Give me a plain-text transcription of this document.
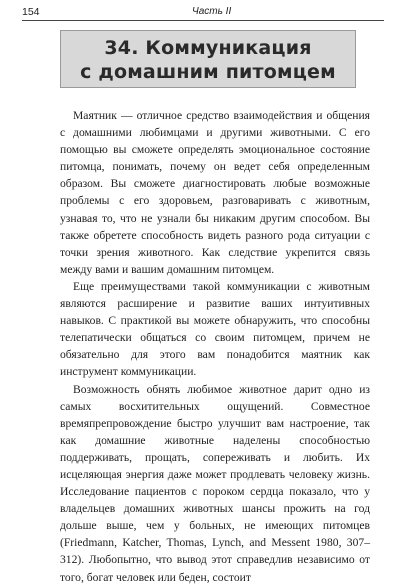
154	Часть II
34. Коммуникация
с домашним питомцем

Маятник — отличное средство взаимодействия и общения с домашними любимцами и другими животными. С его помощью вы сможете определять эмоциональное состояние питомца, понимать, почему он ведет себя определенным образом. Вы сможете диагностировать любые возможные проблемы с его здоровьем, разговаривать с животным, узнавая то, что не узнали бы никаким другим способом. Вы также обретете способность видеть разного рода ситуации с точки зрения животного. Как следствие укрепится связь между вами и вашим домашним питомцем.

Еще преимуществами такой коммуникации с животным являются расширение и развитие ваших интуитивных навыков. С практикой вы можете обнаружить, что способны телепатически общаться со своим питомцем, причем не обязательно для этого вам понадобится маятник как инструмент коммуникации.

Возможность обнять любимое животное дарит одно из самых восхитительных ощущений. Совместное времяпрепровождение быстро улучшит вам настроение, так как домашние животные наделены способностью поддерживать, прощать, сопереживать и любить. Их исцеляющая энергия даже может продлевать человеку жизнь. Исследование пациентов с пороком сердца показало, что у владельцев домашних животных шансы прожить на год дольше выше, чем у больных, не имеющих питомцев (Friedmann, Katcher, Thomas, Lynch, and Messent 1980, 307–312). Любопытно, что вывод этот справедлив независимо от того, богат человек или беден, состоит
